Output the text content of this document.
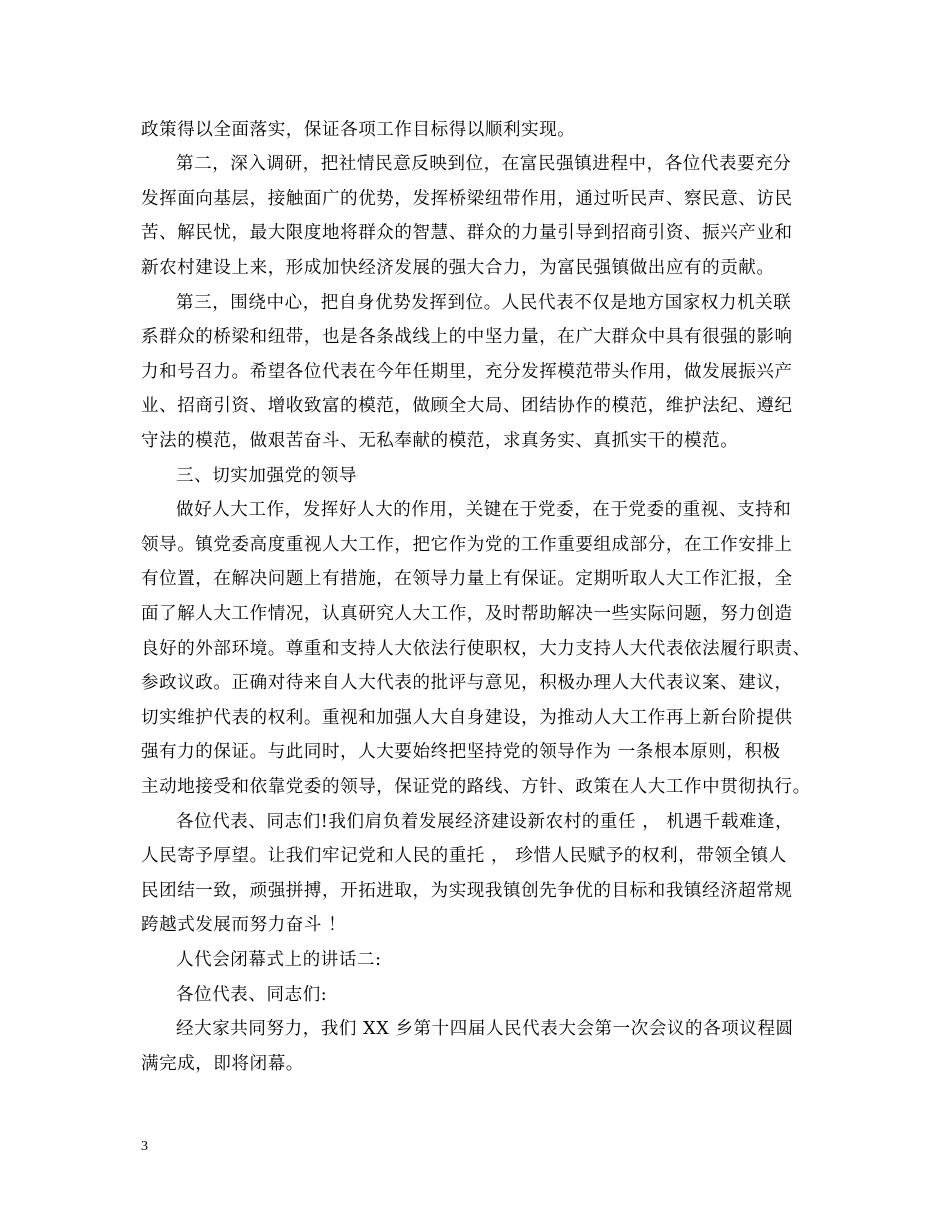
政策得以全面落实，保证各项工作目标得以顺利实现。
第二，深入调研，把社情民意反映到位，在富民强镇进程中，各位代表要充分
发挥面向基层，接触面广的优势，发挥桥梁纽带作用，通过听民声、察民意、访民
苦、解民忧，最大限度地将群众的智慧、群众的力量引导到招商引资、振兴产业和
新农村建设上来，形成加快经济发展的强大合力，为富民强镇做出应有的贡献。
第三，围绕中心，把自身优势发挥到位。人民代表不仅是地方国家权力机关联
系群众的桥梁和纽带，也是各条战线上的中坚力量，在广大群众中具有很强的影响
力和号召力。希望各位代表在今年任期里，充分发挥模范带头作用，做发展振兴产
业、招商引资、增收致富的模范，做顾全大局、团结协作的模范，维护法纪、遵纪
守法的模范，做艰苦奋斗、无私奉献的模范，求真务实、真抓实干的模范。
三、切实加强党的领导
做好人大工作，发挥好人大的作用，关键在于党委，在于党委的重视、支持和
领导。镇党委高度重视人大工作，把它作为党的工作重要组成部分，在工作安排上
有位置，在解决问题上有措施，在领导力量上有保证。定期听取人大工作汇报，全
面了解人大工作情况，认真研究人大工作，及时帮助解决一些实际问题，努力创造
良好的外部环境。尊重和支持人大依法行使职权，大力支持人大代表依法履行职责、
参政议政。正确对待来自人大代表的批评与意见，积极办理人大代表议案、建议，
切实维护代表的权利。重视和加强人大自身建设，为推动人大工作再上新台阶提供
强有力的保证。与此同时，人大要始终把坚持党的领导作为 一条根本原则，积极
主动地接受和依靠党委的领导，保证党的路线、方针、政策在人大工作中贯彻执行。
各位代表、同志们!我们肩负着发展经济建设新农村的重任 ， 机遇千载难逢，
人民寄予厚望。让我们牢记党和人民的重托 ， 珍惜人民赋予的权利，带领全镇人
民团结一致，顽强拼搏，开拓进取，为实现我镇创先争优的目标和我镇经济超常规
跨越式发展而努力奋斗 ！
人代会闭幕式上的讲话二:
各位代表、同志们:
经大家共同努力，我们 XX 乡第十四届人民代表大会第一次会议的各项议程圆
满完成，即将闭幕。
3
